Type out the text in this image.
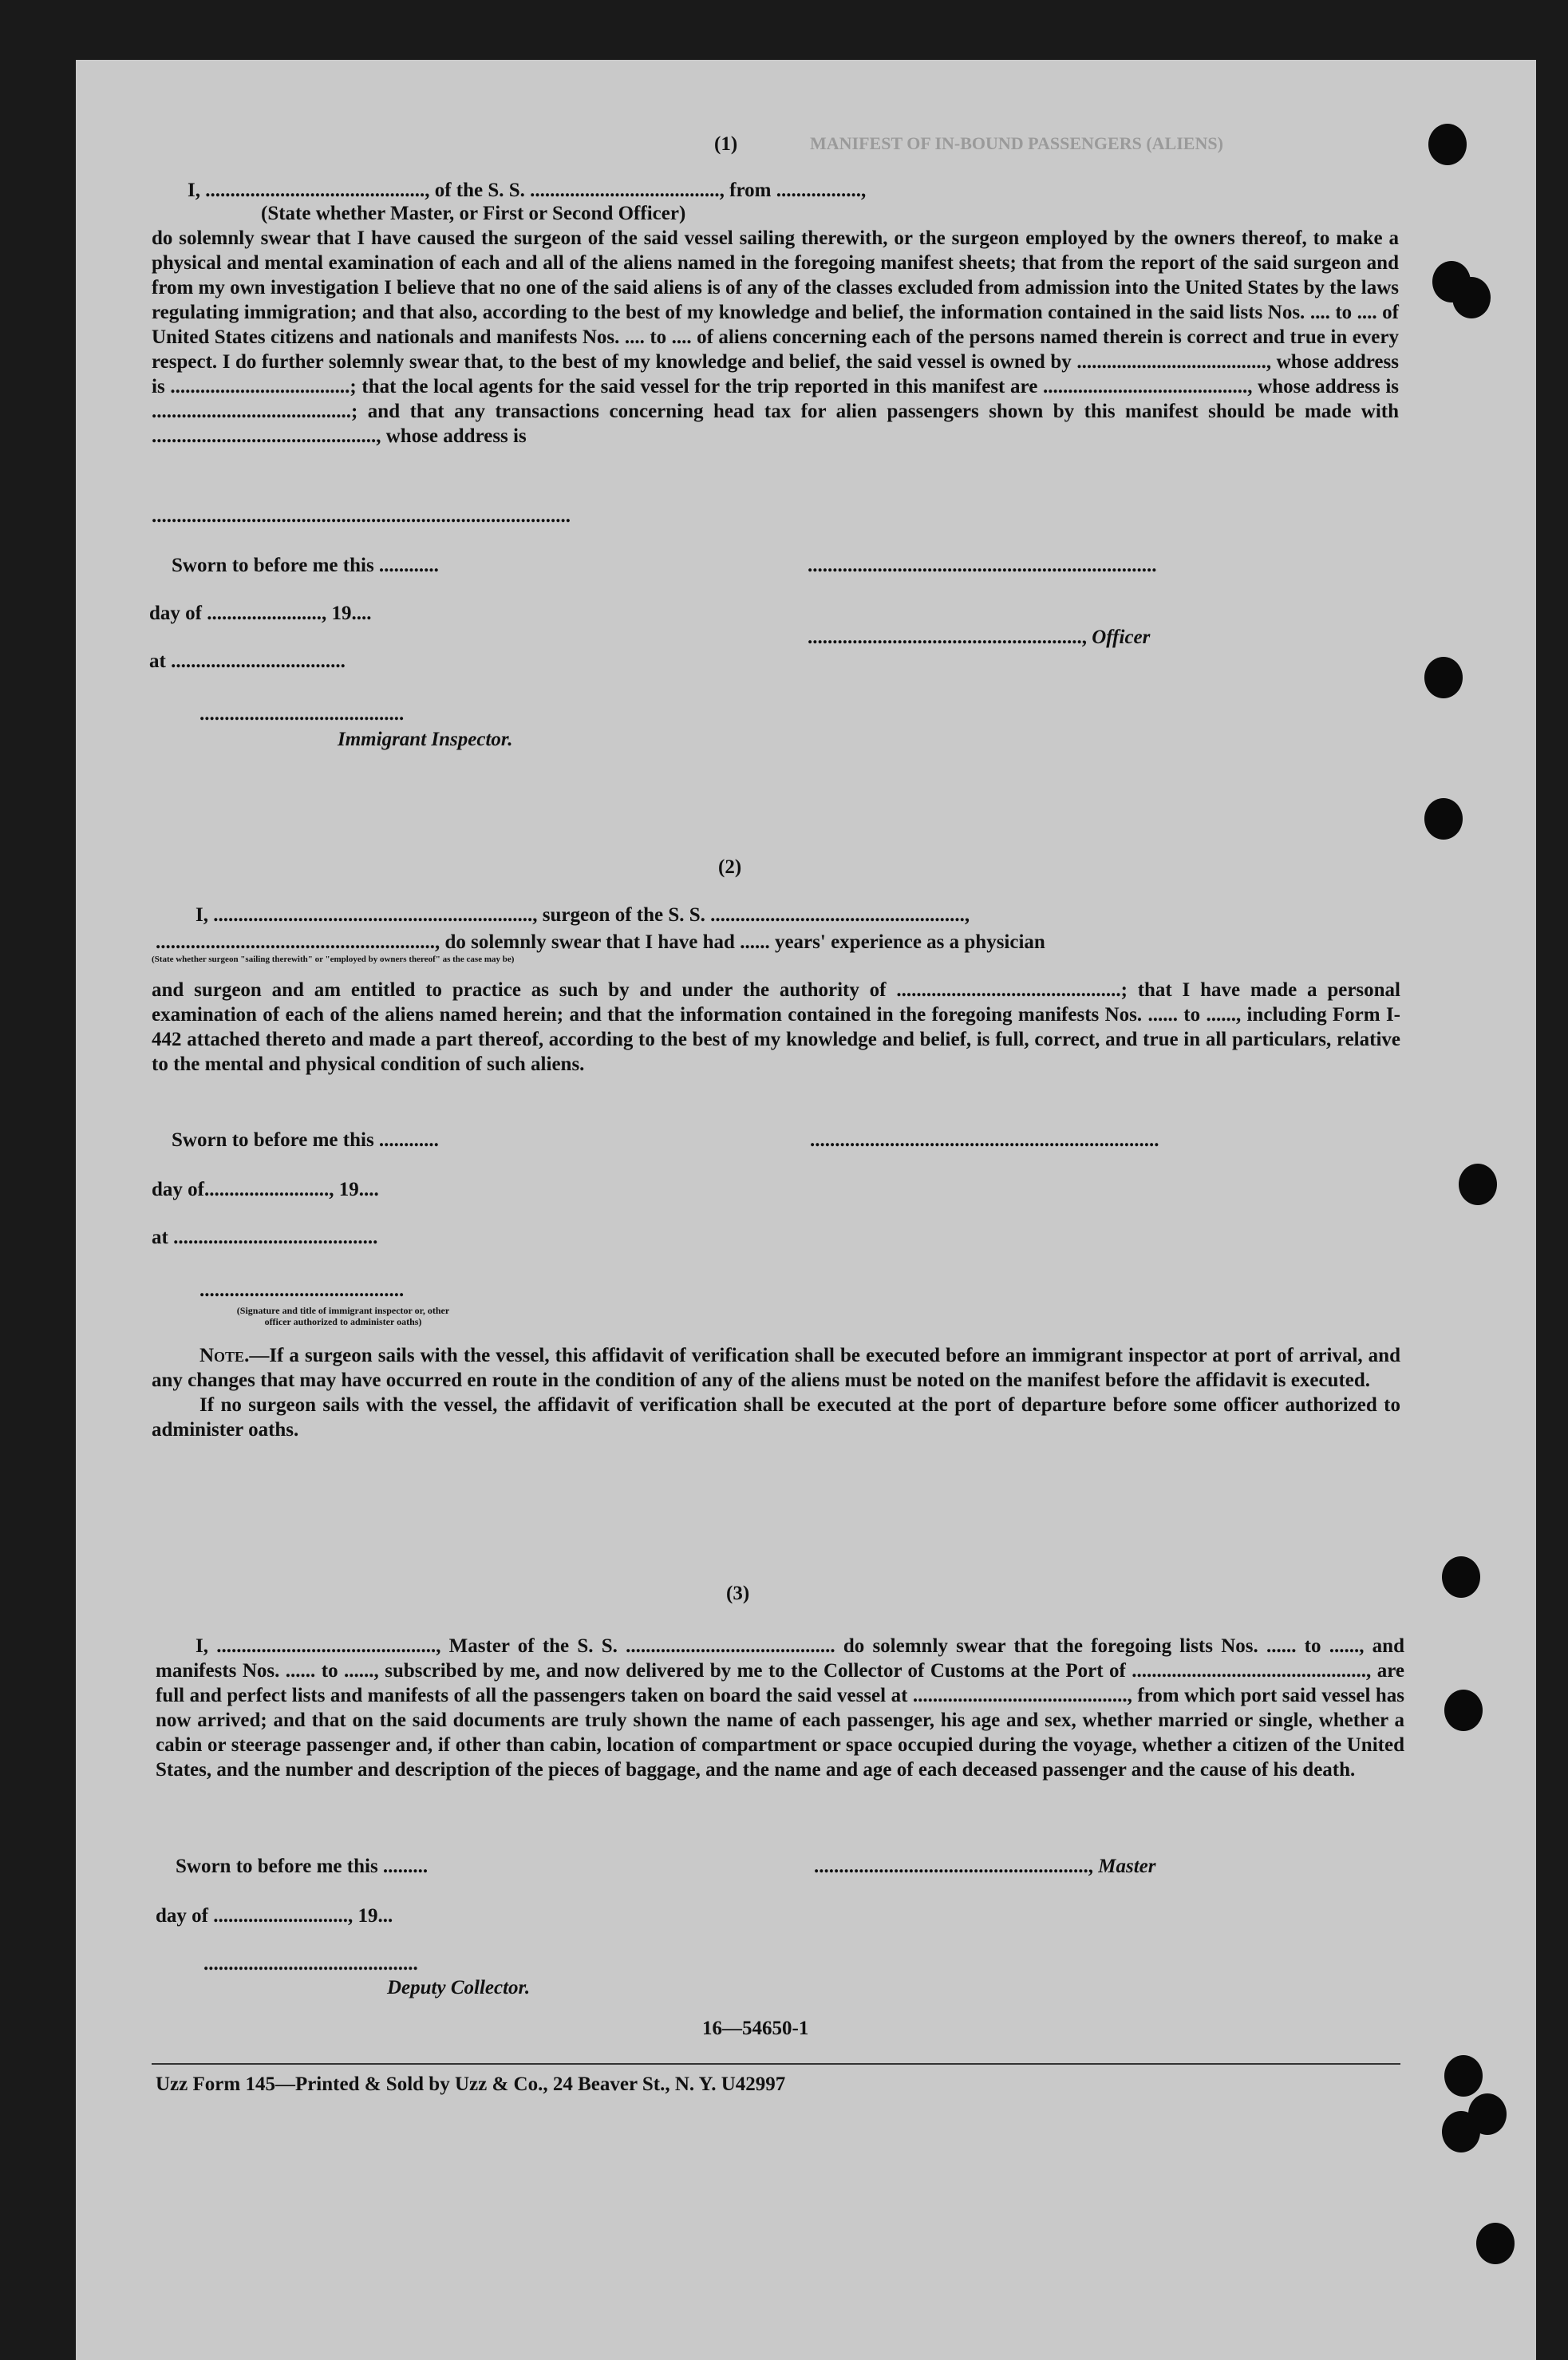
MANIFEST OF IN-BOUND PASSENGERS (ALIENS)
(1)
I, ............................................, of the S. S. ......................................, from .................,
(State whether Master, or First or Second Officer)

do solemnly swear that I have caused the surgeon of the said vessel sailing therewith, or the surgeon employed by the owners thereof, to make a physical and mental examination of each and all of the aliens named in the foregoing manifest sheets; that from the report of the said surgeon and from my own investigation I believe that no one of the said aliens is of any of the classes excluded from admission into the United States by the laws regulating immigration; and that also, according to the best of my knowledge and belief, the information contained in the said lists Nos. .... to .... of United States citizens and nationals and manifests Nos. .... to .... of aliens concerning each of the persons named therein is correct and true in every respect. I do further solemnly swear that, to the best of my knowledge and belief, the said vessel is owned by ......................................, whose address is ....................................; that the local agents for the said vessel for the trip reported in this manifest are ........................................., whose address is ........................................; and that any transactions concerning head tax for alien passengers shown by this manifest should be made with ............................................., whose address is

....................................................................................
Sworn to before me this ............	......................................................................
day of ......................., 19....
......................................................., Officer
at ...................................
.........................................
Immigrant Inspector.
(2)
I, ................................................................, surgeon of the S. S. ...................................................,
........................................................, do solemnly swear that I have had ...... years' experience as a physician
(State whether surgeon "sailing therewith" or "employed by owners thereof" as the case may be)

and surgeon and am entitled to practice as such by and under the authority of .............................................; that I have made a personal examination of each of the aliens named herein; and that the information contained in the foregoing manifests Nos. ...... to ......, including Form I-442 attached thereto and made a part thereof, according to the best of my knowledge and belief, is full, correct, and true in all particulars, relative to the mental and physical condition of such aliens.

Sworn to before me this ............	......................................................................
day of........................., 19....
at .........................................
.........................................
(Signature and title of immigrant inspector or, other officer authorized to administer oaths)

Note.—If a surgeon sails with the vessel, this affidavit of verification shall be executed before an immigrant inspector at port of arrival, and any changes that may have occurred en route in the condition of any of the aliens must be noted on the manifest before the affidavit is executed.

If no surgeon sails with the vessel, the affidavit of verification shall be executed at the port of departure before some officer authorized to administer oaths.

(3)

I, ............................................, Master of the S. S. .......................................... do solemnly swear that the foregoing lists Nos. ...... to ......, and manifests Nos. ...... to ......, subscribed by me, and now delivered by me to the Collector of Customs at the Port of ..............................................., are full and perfect lists and manifests of all the passengers taken on board the said vessel at ..........................................., from which port said vessel has now arrived; and that on the said documents are truly shown the name of each passenger, his age and sex, whether married or single, whether a cabin or steerage passenger and, if other than cabin, location of compartment or space occupied during the voyage, whether a citizen of the United States, and the number and description of the pieces of baggage, and the name and age of each deceased passenger and the cause of his death.

Sworn to before me this .........	......................................................., Master
day of ..........................., 19...
...........................................
Deputy Collector.
16—54650-1
Uzz Form 145—Printed & Sold by Uzz & Co., 24 Beaver St., N. Y. U42997
